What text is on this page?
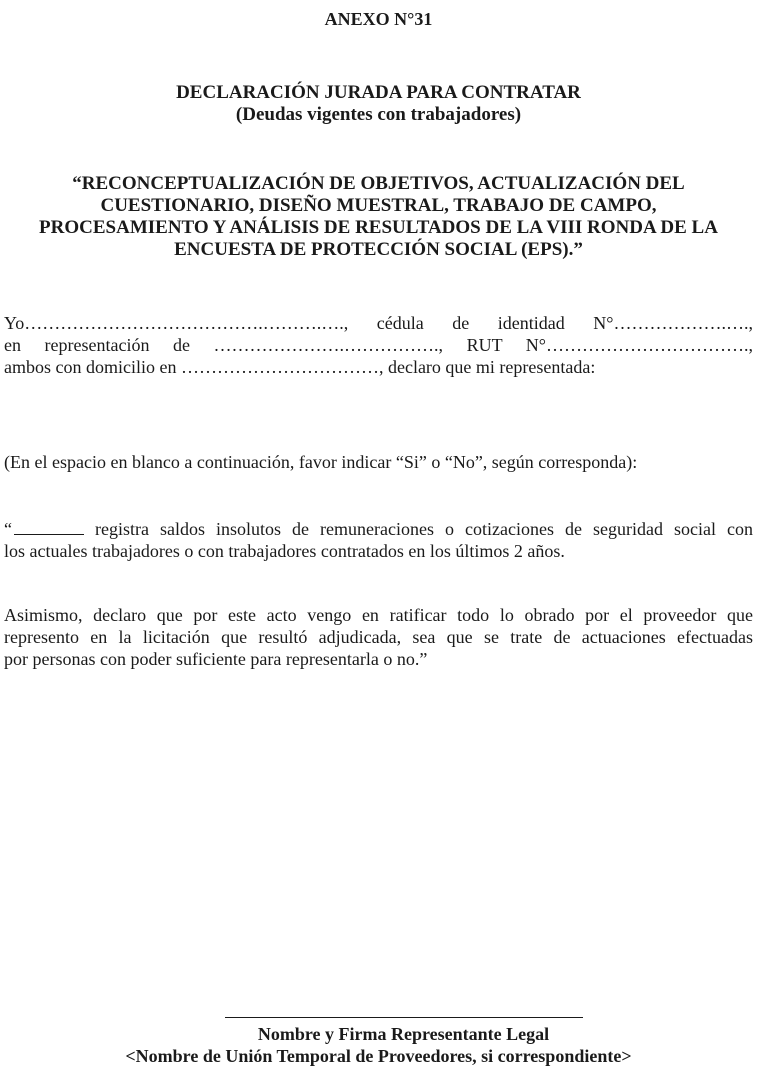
ANEXO N°31
DECLARACIÓN JURADA PARA CONTRATAR
(Deudas vigentes con trabajadores)
“RECONCEPTUALIZACIÓN DE OBJETIVOS, ACTUALIZACIÓN DEL
CUESTIONARIO, DISEÑO MUESTRAL, TRABAJO DE CAMPO,
PROCESAMIENTO Y ANÁLISIS DE RESULTADOS DE LA VIII RONDA DE LA
ENCUESTA DE PROTECCIÓN SOCIAL (EPS).”
Yo………………………………….……….…., cédula de identidad N°……………….….,
en representación de ………………….……………., RUT N°…………………………….,
ambos con domicilio en ……………………………, declaro que mi representada:
(En el espacio en blanco a continuación, favor indicar “Si” o “No”, según corresponda):
“	registra saldos insolutos de remuneraciones o cotizaciones de seguridad social con
los actuales trabajadores o con trabajadores contratados en los últimos 2 años.
Asimismo, declaro que por este acto vengo en ratificar todo lo obrado por el proveedor que
represento en la licitación que resultó adjudicada, sea que se trate de actuaciones efectuadas
por personas con poder suficiente para representarla o no.”
Nombre y Firma Representante Legal
<Nombre de Unión Temporal de Proveedores, si correspondiente>
